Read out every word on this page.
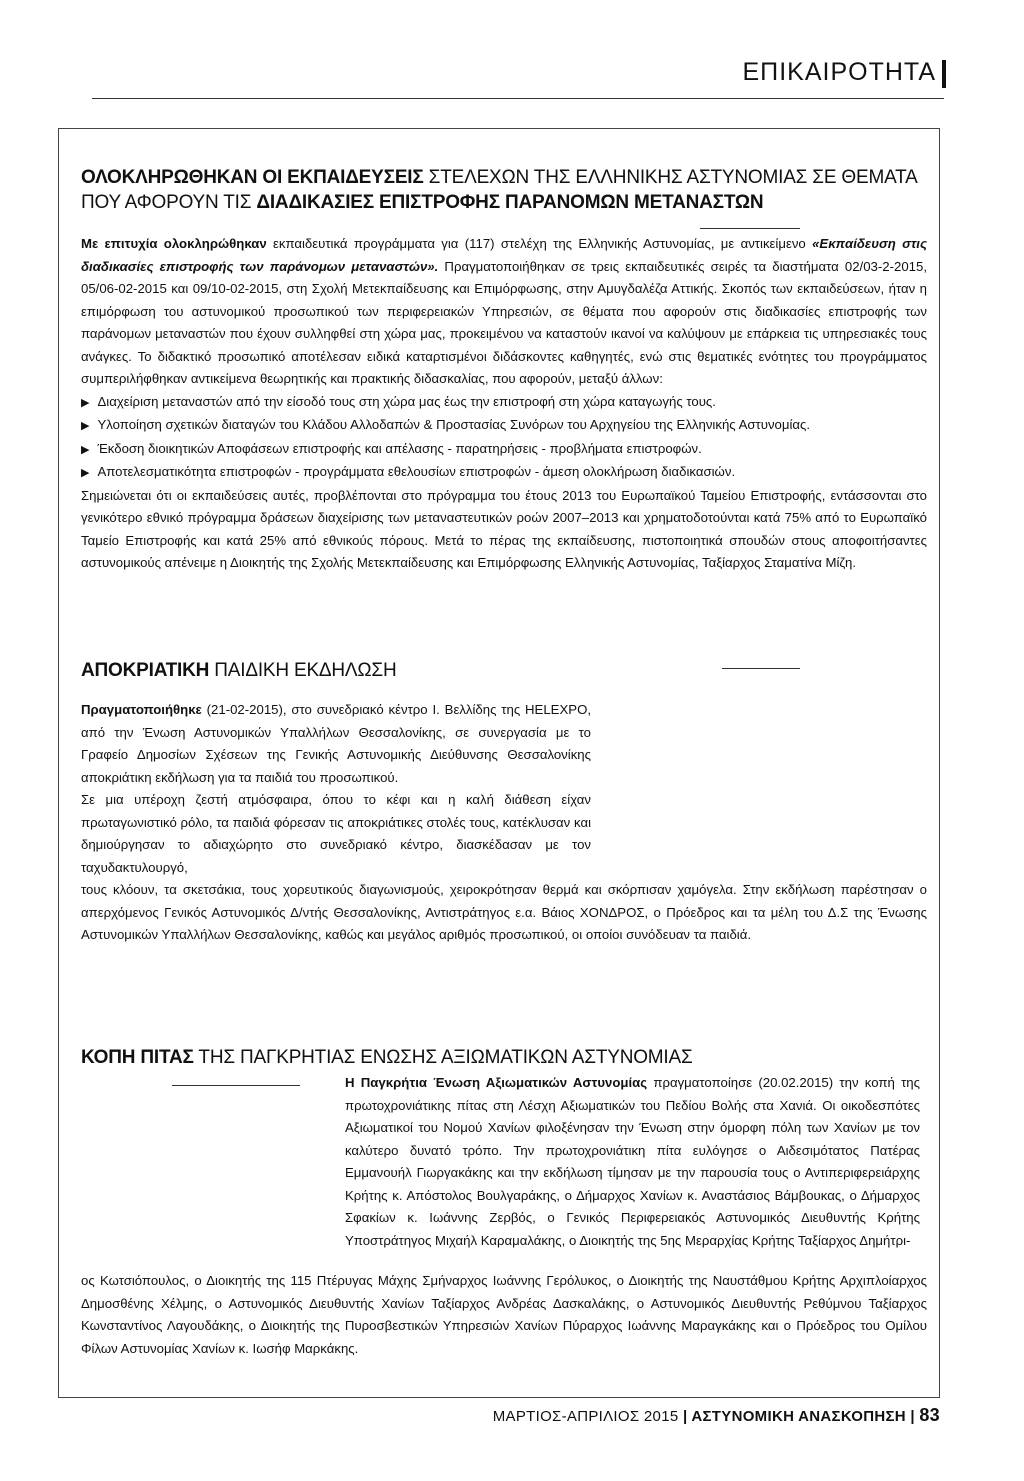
ΕΠΙΚΑΙΡΟΤΗΤΑ
ΟΛΟΚΛΗΡΩΘΗΚΑΝ ΟΙ ΕΚΠΑΙΔΕΥΣΕΙΣ ΣΤΕΛΕΧΩΝ ΤΗΣ ΕΛΛΗΝΙΚΗΣ ΑΣΤΥΝΟΜΙΑΣ ΣΕ ΘΕΜΑΤΑ ΠΟΥ ΑΦΟΡΟΥΝ ΤΙΣ ΔΙΑΔΙΚΑΣΙΕΣ ΕΠΙΣΤΡΟΦΗΣ ΠΑΡΑΝΟΜΩΝ ΜΕΤΑΝΑΣΤΩΝ

Με επιτυχία ολοκληρώθηκαν εκπαιδευτικά προγράμματα για (117) στελέχη της Ελληνικής Αστυνομίας, με αντικείμενο «Εκπαίδευση στις διαδικασίες επιστροφής των παράνομων μεταναστών». Πραγματοποιήθηκαν σε τρεις εκπαιδευτικές σειρές τα διαστήματα 02/03-2-2015, 05/06-02-2015 και 09/10-02-2015, στη Σχολή Μετεκπαίδευσης και Επιμόρφωσης, στην Αμυγδαλέζα Αττικής. Σκοπός των εκπαιδεύσεων, ήταν η επιμόρφωση του αστυνομικού προσωπικού των περιφερειακών Υπηρεσιών, σε θέματα που αφορούν στις διαδικασίες επιστροφής των παράνομων μεταναστών που έχουν συλληφθεί στη χώρα μας, προκειμένου να καταστούν ικανοί να καλύψουν με επάρκεια τις υπηρεσιακές τους ανάγκες. Το διδακτικό προσωπικό αποτέλεσαν ειδικά καταρτισμένοι διδάσκοντες καθηγητές, ενώ στις θεματικές ενότητες του προγράμματος συμπεριλήφθηκαν αντικείμενα θεωρητικής και πρακτικής διδασκαλίας, που αφορούν, μεταξύ άλλων:

▶ Διαχείριση μεταναστών από την είσοδό τους στη χώρα μας έως την επιστροφή στη χώρα καταγωγής τους.
▶ Υλοποίηση σχετικών διαταγών του Κλάδου Αλλοδαπών & Προστασίας Συνόρων του Αρχηγείου της Ελληνικής Αστυνομίας.
▶ Έκδοση διοικητικών Αποφάσεων επιστροφής και απέλασης - παρατηρήσεις - προβλήματα επιστροφών.
▶ Αποτελεσματικότητα επιστροφών - προγράμματα εθελουσίων επιστροφών - άμεση ολοκλήρωση διαδικασιών.

Σημειώνεται ότι οι εκπαιδεύσεις αυτές, προβλέπονται στο πρόγραμμα του έτους 2013 του Ευρωπαϊκού Ταμείου Επιστροφής, εντάσσονται στο γενικότερο εθνικό πρόγραμμα δράσεων διαχείρισης των μεταναστευτικών ροών 2007–2013 και χρηματοδοτούνται κατά 75% από το Ευρωπαϊκό Ταμείο Επιστροφής και κατά 25% από εθνικούς πόρους. Μετά το πέρας της εκπαίδευσης, πιστοποιητικά σπουδών στους αποφοιτήσαντες αστυνομικούς απένειμε η Διοικητής της Σχολής Μετεκπαίδευσης και Επιμόρφωσης Ελληνικής Αστυνομίας, Ταξίαρχος Σταματίνα Μίζη.

ΑΠΟΚΡΙΑΤΙΚΗ ΠΑΙΔΙΚΗ ΕΚΔΗΛΩΣΗ

Πραγματοποιήθηκε (21-02-2015), στο συνεδριακό κέντρο Ι. Βελλίδης της HELEXPO, από την Ένωση Αστυνομικών Υπαλλήλων Θεσσαλονίκης, σε συνεργασία με το Γραφείο Δημοσίων Σχέσεων της Γενικής Αστυνομικής Διεύθυνσης Θεσσαλονίκης αποκριάτικη εκδήλωση για τα παιδιά του προσωπικού.

Σε μια υπέροχη ζεστή ατμόσφαιρα, όπου το κέφι και η καλή διάθεση είχαν πρωταγωνιστικό ρόλο, τα παιδιά φόρεσαν τις αποκριάτικες στολές τους, κατέκλυσαν και δημιούργησαν το αδιαχώρητο στο συνεδριακό κέντρο, διασκέδασαν με τον ταχυδακτυλουργό,

τους κλόουν, τα σκετσάκια, τους χορευτικούς διαγωνισμούς, χειροκρότησαν θερμά και σκόρπισαν χαμόγελα. Στην εκδήλωση παρέστησαν ο απερχόμενος Γενικός Αστυνομικός Δ/ντής Θεσσαλονίκης, Αντιστράτηγος ε.α. Βάιος ΧΟΝΔΡΟΣ, ο Πρόεδρος και τα μέλη του Δ.Σ της Ένωσης Αστυνομικών Υπαλλήλων Θεσσαλονίκης, καθώς και μεγάλος αριθμός προσωπικού, οι οποίοι συνόδευαν τα παιδιά.

ΚΟΠΗ ΠΙΤΑΣ ΤΗΣ ΠΑΓΚΡΗΤΙΑΣ ΕΝΩΣΗΣ ΑΞΙΩΜΑΤΙΚΩΝ ΑΣΤΥΝΟΜΙΑΣ

Η Παγκρήτια Ένωση Αξιωματικών Αστυνομίας πραγματοποίησε (20.02.2015) την κοπή της πρωτοχρονιάτικης πίτας στη Λέσχη Αξιωματικών του Πεδίου Βολής στα Χανιά. Οι οικοδεσπότες Αξιωματικοί του Νομού Χανίων φιλοξένησαν την Ένωση στην όμορφη πόλη των Χανίων με τον καλύτερο δυνατό τρόπο. Την πρωτοχρονιάτικη πίτα ευλόγησε ο Αιδεσιμότατος Πατέρας Εμμανουήλ Γιωργακάκης και την εκδήλωση τίμησαν με την παρουσία τους ο Αντιπεριφερειάρχης Κρήτης κ. Απόστολος Βουλγαράκης, ο Δήμαρχος Χανίων κ. Αναστάσιος Βάμβουκας, ο Δήμαρχος Σφακίων κ. Ιωάννης Ζερβός, ο Γενικός Περιφερειακός Αστυνομικός Διευθυντής Κρήτης Υποστράτηγος Μιχαήλ Καραμαλάκης, ο Διοικητής της 5ης Μεραρχίας Κρήτης Ταξίαρχος Δημήτρι-

ος Κωτσιόπουλος, ο Διοικητής της 115 Πτέρυγας Μάχης Σμήναρχος Ιωάννης Γερόλυκος, ο Διοικητής της Ναυστάθμου Κρήτης Αρχιπλοίαρχος Δημοσθένης Χέλμης, ο Αστυνομικός Διευθυντής Χανίων Ταξίαρχος Ανδρέας Δασκαλάκης, ο Αστυνομικός Διευθυντής Ρεθύμνου Ταξίαρχος Κωνσταντίνος Λαγουδάκης, ο Διοικητής της Πυροσβεστικών Υπηρεσιών Χανίων Πύραρχος Ιωάννης Μαραγκάκης και ο Πρόεδρος του Ομίλου Φίλων Αστυνομίας Χανίων κ. Ιωσήφ Μαρκάκης.

ΜΑΡΤΙΟΣ-ΑΠΡΙΛΙΟΣ 2015 | ΑΣΤΥΝΟΜΙΚΗ ΑΝΑΣΚΟΠΗΣΗ | 83
